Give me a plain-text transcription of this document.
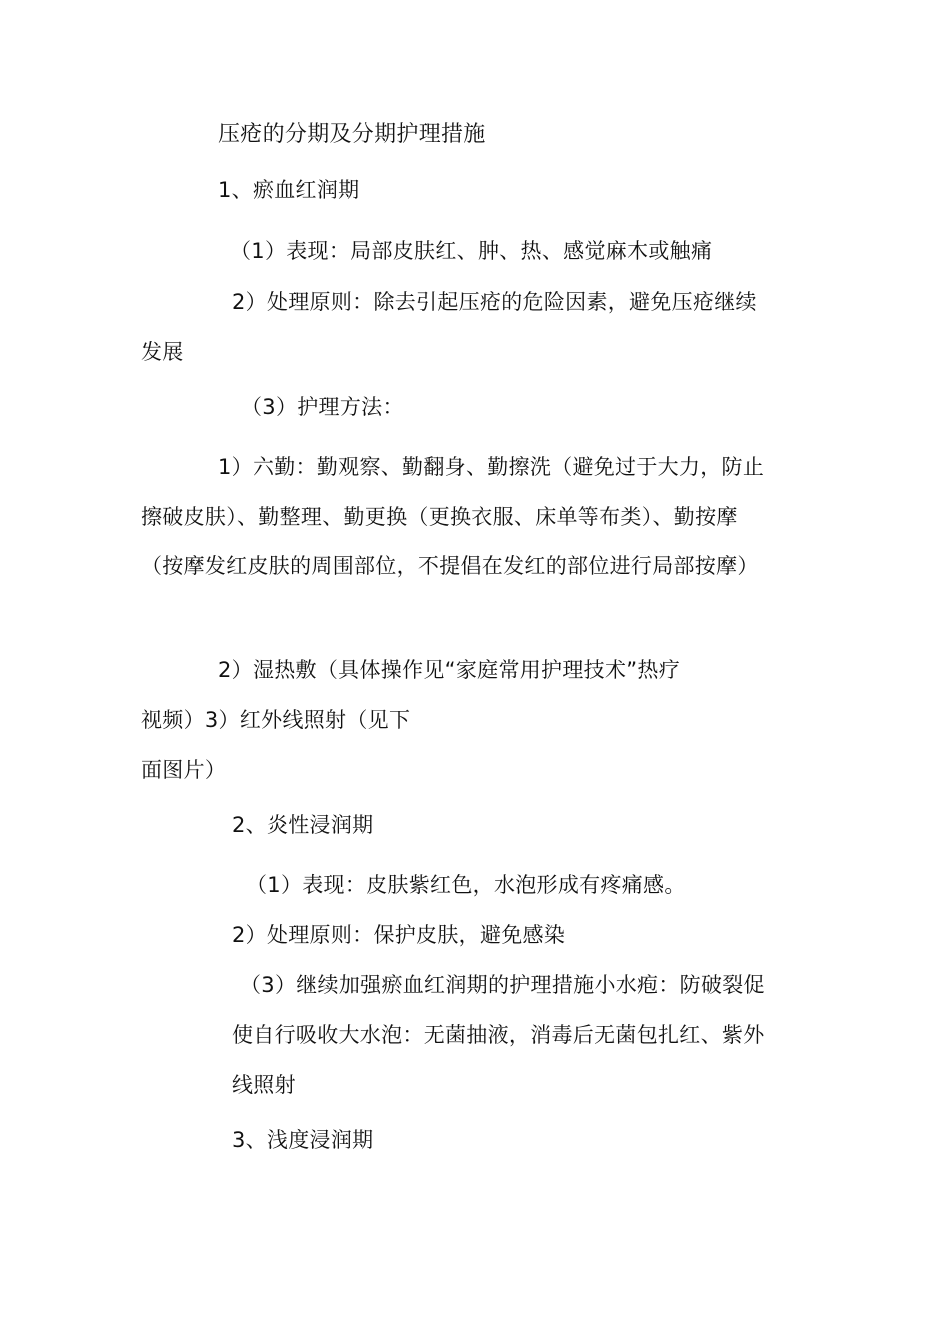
压疮的分期及分期护理措施
1、瘀血红润期
（1）表现：局部皮肤红、肿、热、感觉麻木或触痛
2）处理原则：除去引起压疮的危险因素，避免压疮继续
发展
（3）护理方法：
1）六勤：勤观察、勤翻身、勤擦洗（避免过于大力，防止
擦破皮肤）、勤整理、勤更换（更换衣服、床单等布类）、勤按摩
（按摩发红皮肤的周围部位，不提倡在发红的部位进行局部按摩）
2）湿热敷（具体操作见“家庭常用护理技术”热疗
视频）3）红外线照射（见下
面图片）
2、炎性浸润期
（1）表现：皮肤紫红色，水泡形成有疼痛感。
2）处理原则：保护皮肤，避免感染
（3）继续加强瘀血红润期的护理措施小水疱：防破裂促
使自行吸收大水泡：无菌抽液，消毒后无菌包扎红、紫外
线照射
3、浅度浸润期
